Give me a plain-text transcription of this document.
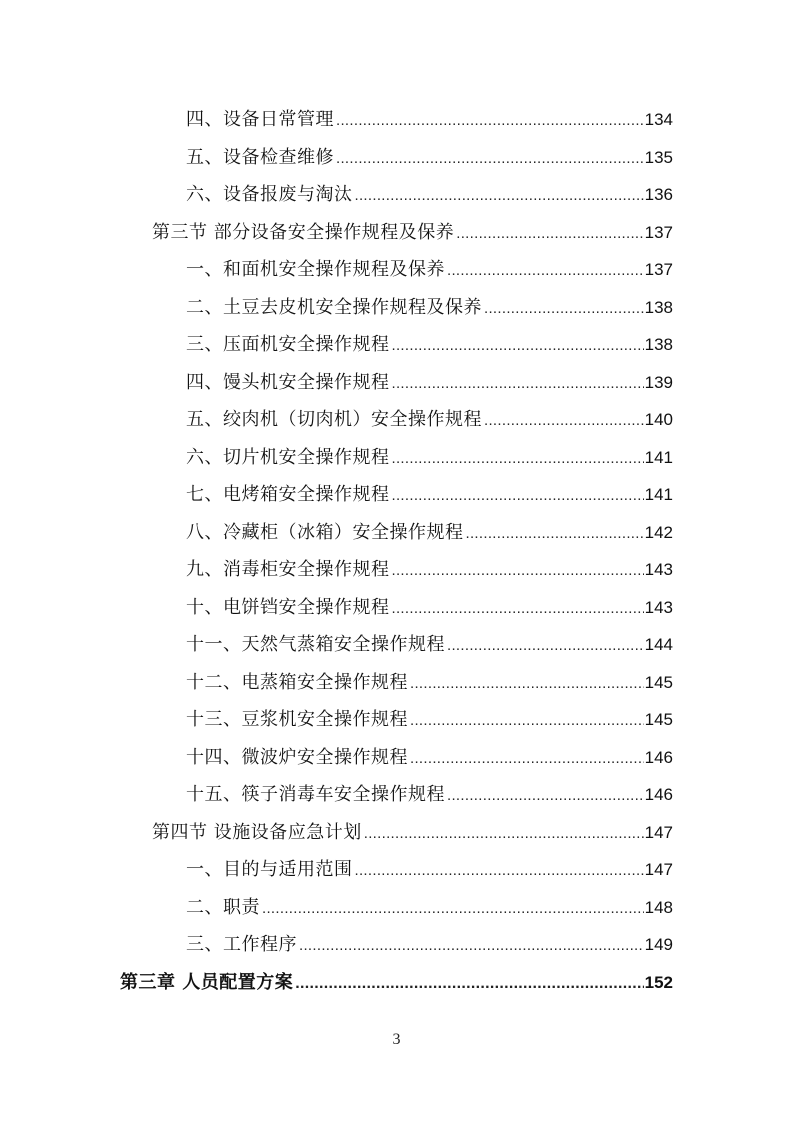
四、设备日常管理 .....	134
五、设备检查维修 .....	135
六、设备报废与淘汰 .....	136
第三节 部分设备安全操作规程及保养 .....	137
一、和面机安全操作规程及保养 .....	137
二、土豆去皮机安全操作规程及保养 .....	138
三、压面机安全操作规程 .....	138
四、馒头机安全操作规程 .....	139
五、绞肉机（切肉机）安全操作规程 .....	140
六、切片机安全操作规程 .....	141
七、电烤箱安全操作规程 .....	141
八、冷藏柜（冰箱）安全操作规程 .....	142
九、消毒柜安全操作规程 .....	143
十、电饼铛安全操作规程 .....	143
十一、天然气蒸箱安全操作规程 .....	144
十二、电蒸箱安全操作规程 .....	145
十三、豆浆机安全操作规程 .....	145
十四、微波炉安全操作规程 .....	146
十五、筷子消毒车安全操作规程 .....	146
第四节 设施设备应急计划 .....	147
一、目的与适用范围 .....	147
二、职责 .....	148
三、工作程序 .....	149
第三章 人员配置方案 .....	152
3
